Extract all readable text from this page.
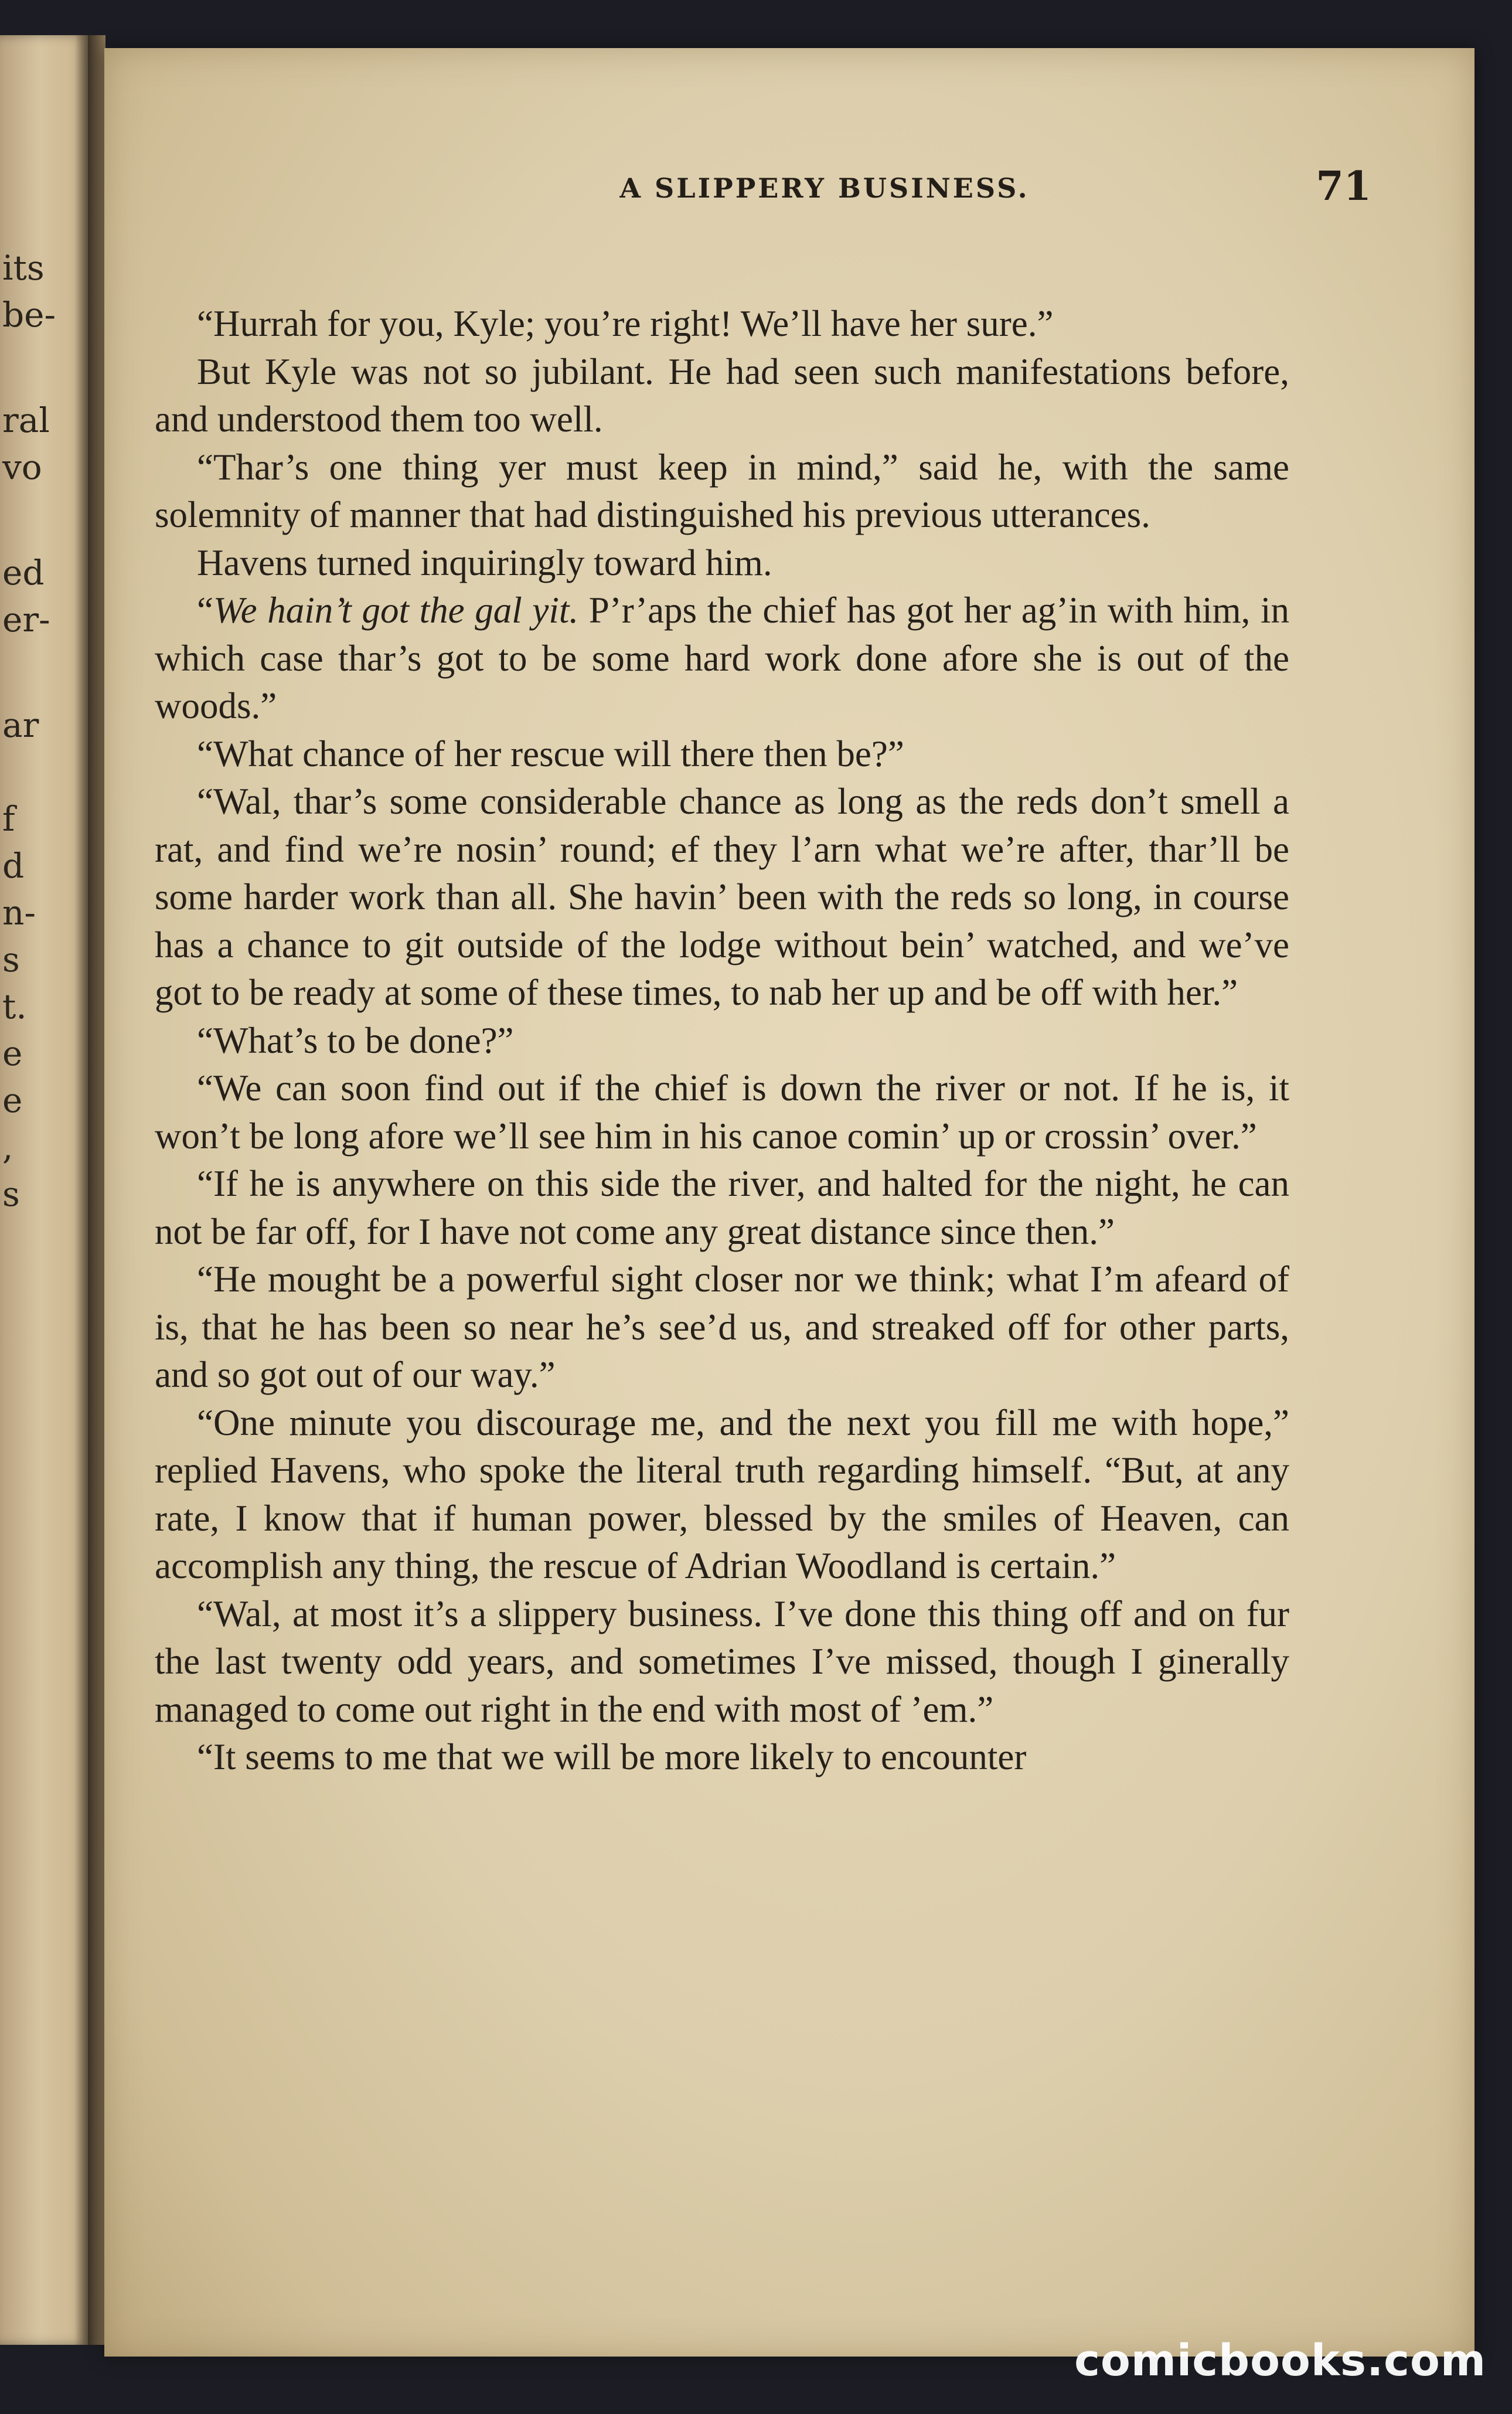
its
be-
ral
vo
ed
er-
ar
f
d
n-
s
t.
e
e
,
s
A SLIPPERY BUSINESS.	71

“Hurrah for you, Kyle; you’re right! We’ll have her sure.”

But Kyle was not so jubilant. He had seen such manifestations before, and understood them too well.

“Thar’s one thing yer must keep in mind,” said he, with the same solemnity of manner that had distinguished his previous utterances.

Havens turned inquiringly toward him.

“We hain’t got the gal yit. P’r’aps the chief has got her ag’in with him, in which case thar’s got to be some hard work done afore she is out of the woods.”

“What chance of her rescue will there then be?”

“Wal, thar’s some considerable chance as long as the reds don’t smell a rat, and find we’re nosin’ round; ef they l’arn what we’re after, thar’ll be some harder work than all. She havin’ been with the reds so long, in course has a chance to git outside of the lodge without bein’ watched, and we’ve got to be ready at some of these times, to nab her up and be off with her.”

“What’s to be done?”

“We can soon find out if the chief is down the river or not. If he is, it won’t be long afore we’ll see him in his canoe comin’ up or crossin’ over.”

“If he is anywhere on this side the river, and halted for the night, he can not be far off, for I have not come any great distance since then.”

“He mought be a powerful sight closer nor we think; what I’m afeard of is, that he has been so near he’s see’d us, and streaked off for other parts, and so got out of our way.”

“One minute you discourage me, and the next you fill me with hope,” replied Havens, who spoke the literal truth regarding himself. “But, at any rate, I know that if human power, blessed by the smiles of Heaven, can accomplish any thing, the rescue of Adrian Woodland is certain.”

“Wal, at most it’s a slippery business. I’ve done this thing off and on fur the last twenty odd years, and sometimes I’ve missed, though I ginerally managed to come out right in the end with most of ’em.”

“It seems to me that we will be more likely to encounter

comicbooks.com
